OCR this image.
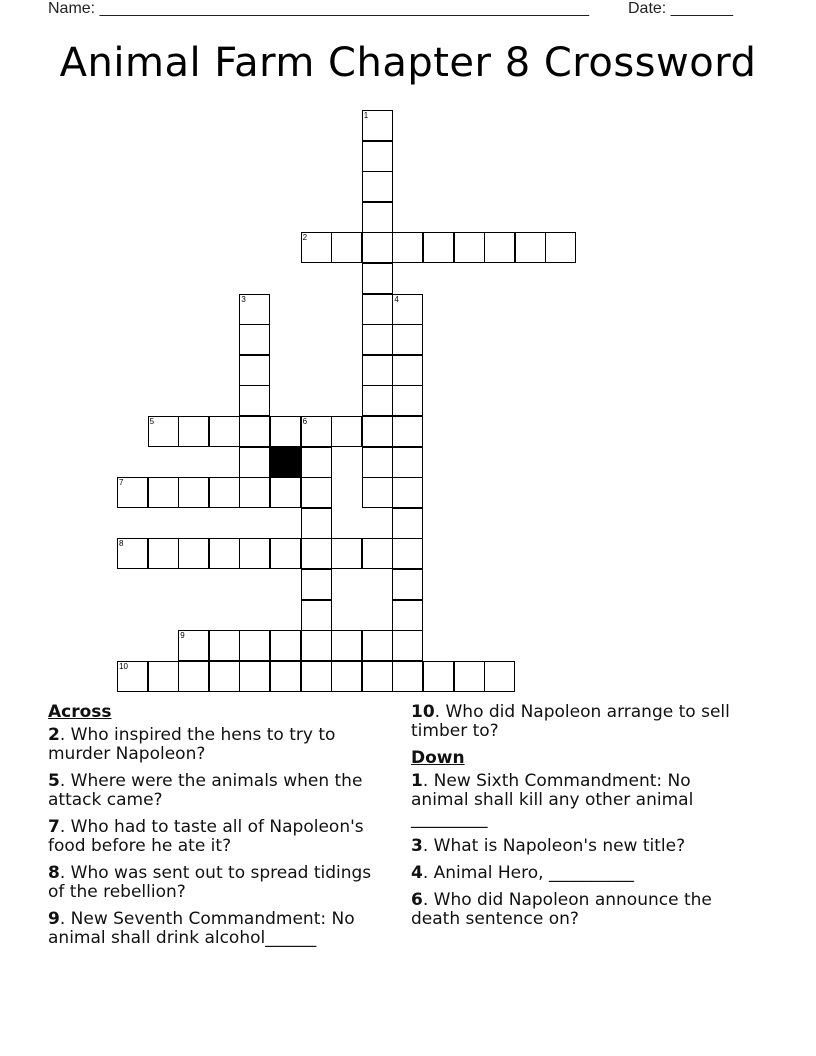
Name: _______________________________________________________ Date: _______
Animal Farm Chapter 8 Crossword
1
2
3	4
5	6
7
8
9
10
Across
2. Who inspired the hens to try to murder Napoleon?
5. Where were the animals when the attack came?
7. Who had to taste all of Napoleon's food before he ate it?
8. Who was sent out to spread tidings of the rebellion?
9. New Seventh Commandment: No animal shall drink alcohol______
10. Who did Napoleon arrange to sell timber to?
Down
1. New Sixth Commandment: No animal shall kill any other animal _________
3. What is Napoleon's new title?
4. Animal Hero, __________
6. Who did Napoleon announce the death sentence on?
